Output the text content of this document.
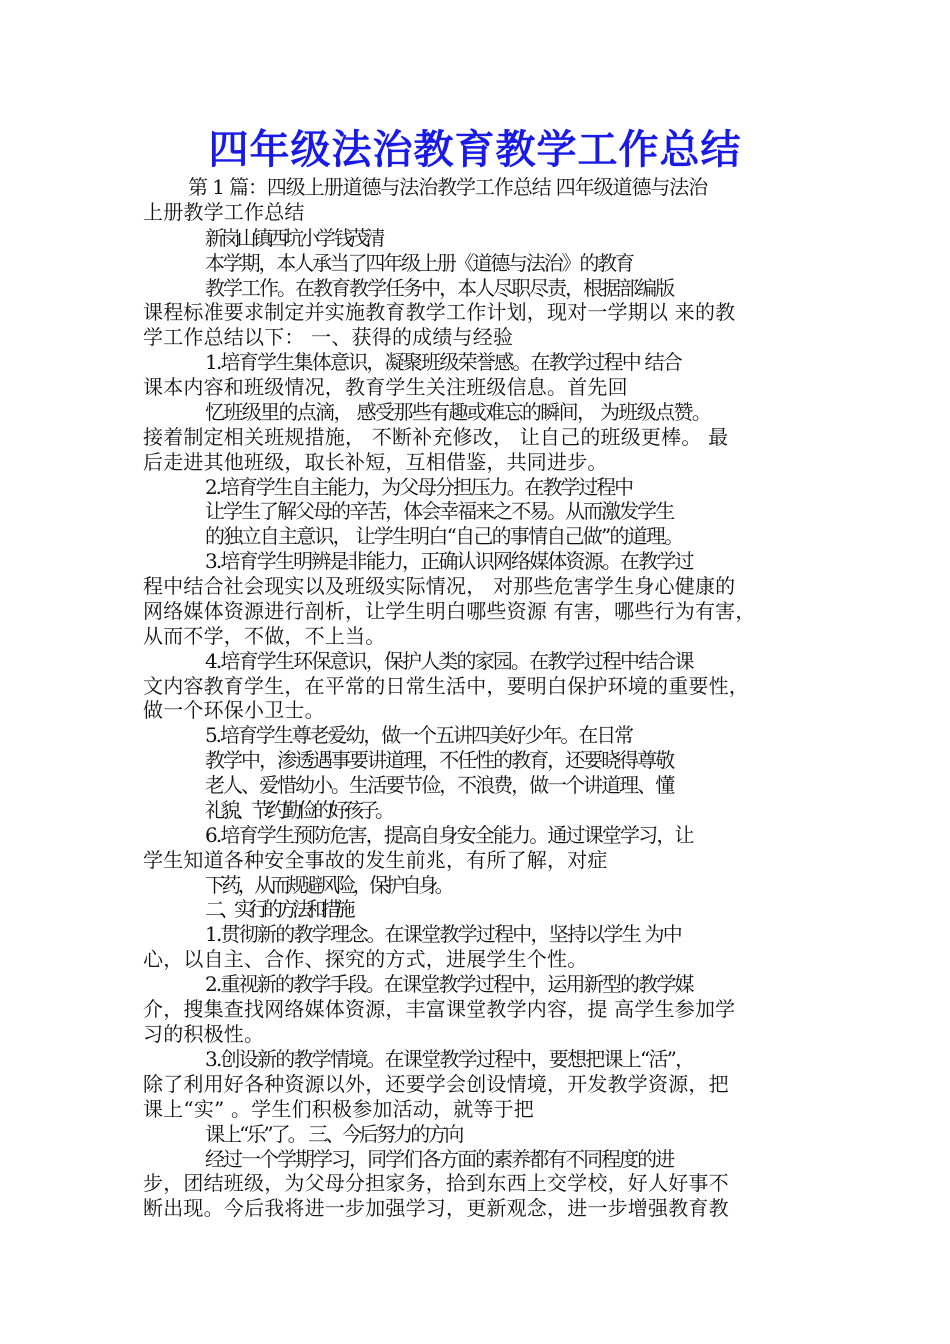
四年级法治教育教学工作总结
第 1 篇：四级上册道德与法治教学工作总结 四年级道德与法治
上册教学工作总结
新岗山镇西坑小学 钱茂清
本学期，本人承当了四年级上册《道德与法治》的教育
教学工作。在教育教学任务中，本人尽职尽责，根据部编版
课程标准要求制定并实施教育教学工作计划，现对一学期以 来的教
学工作总结以下： 一、获得的成绩与经验
1.培育学生集体意识，凝聚班级荣誉感。在教学过程中 结合
课本内容和班级情况，教育学生关注班级信息。首先回
忆班级里的点滴， 感受那些有趣或难忘的瞬间， 为班级点赞。
接着制定相关班规措施， 不断补充修改， 让自己的班级更棒。 最
后走进其他班级，取长补短，互相借鉴，共同进步。
2.培育学生自主能力，为父母分担压力。在教学过程中
让学生了解父母的辛苦，体会幸福来之不易。从而激发学生
的独立自主意识， 让学生明白“自己的事情自己做”的道理。
3.培育学生明辨是非能力，正确认识网络媒体资源。在教学过
程中结合社会现实以及班级实际情况， 对那些危害学生身心健康的
网络媒体资源进行剖析，让学生明白哪些资源 有害，哪些行为有害，
从而不学，不做，不上当。
4.培育学生环保意识，保护人类的家园。在教学过程中结合课
文内容教育学生，在平常的日常生活中，要明白保护环境的重要性，
做一个环保小卫士。
5.培育学生尊老爱幼，做一个五讲四美好少年。在日常
教学中，渗透遇事要讲道理，不任性的教育，还要晓得尊敬
老人、爱惜幼小。生活要节俭，不浪费，做一个讲道理、懂
礼貌、节约勤俭的好孩子。
6.培育学生预防危害，提高自身安全能力。通过课堂学习，让
学生知道各种安全事故的发生前兆，有所了解，对症
下药，从而规避风险，保护自身。
二、实行的方法和措施
1.贯彻新的教学理念。在课堂教学过程中，坚持以学生 为中
心，以自主、合作、探究的方式，进展学生个性。
2.重视新的教学手段。在课堂教学过程中，运用新型的教学媒
介，搜集查找网络媒体资源，丰富课堂教学内容，提 高学生参加学
习的积极性。
3.创设新的教学情境。在课堂教学过程中，要想把课上“活”，
除了利用好各种资源以外，还要学会创设情境，开发教学资源，把
课上“实” 。学生们积极参加活动，就等于把
课上“乐”了。 三、今后努力的方向
经过一个学期学习，同学们各方面的素养都有不同程度的进
步，团结班级，为父母分担家务，拾到东西上交学校，好人好事不
断出现。今后我将进一步加强学习，更新观念，进一步增强教育教
